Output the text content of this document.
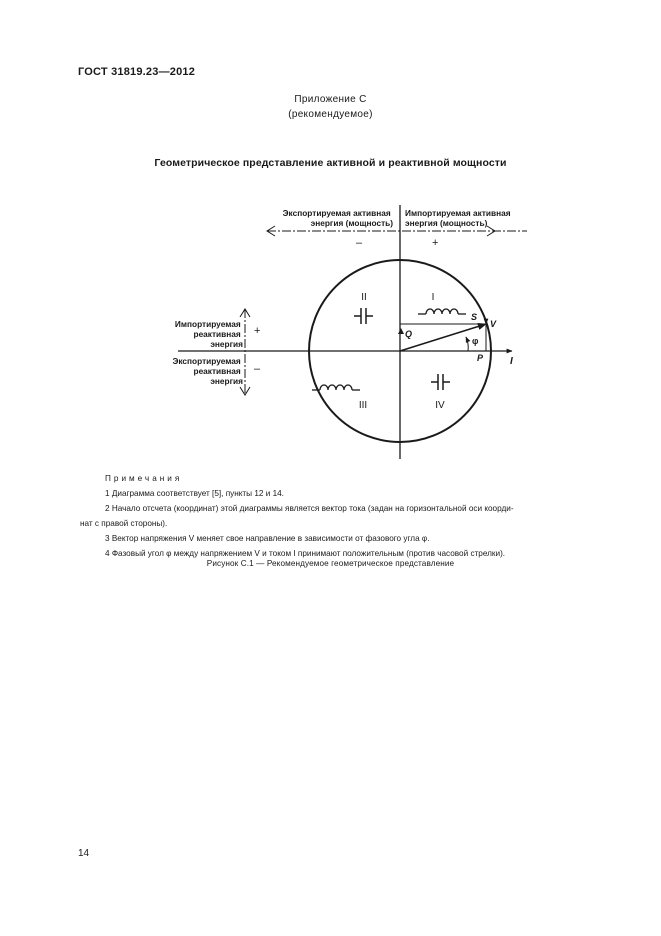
ГОСТ 31819.23—2012
Приложение С
(рекомендуемое)
Геометрическое представление активной и реактивной мощности
Экспортируемая активная энергия (мощность)
Импортируемая активная энергия (мощность)
–	+
Импортируемая реактивная энергия
Экспортируемая реактивная энергия
+
–
I
II
III	IV
S
V
Q
φ
P	I
Примечания
1 Диаграмма соответствует [5], пункты 12 и 14.
2 Начало отсчета (координат) этой диаграммы является вектор тока (задан на горизонтальной оси коорди-
нат с правой стороны).
3 Вектор напряжения V меняет свое направление в зависимости от фазового угла φ.
4 Фазовый угол φ между напряжением V и током I принимают положительным (против часовой стрелки).
Рисунок С.1 — Рекомендуемое геометрическое представление
14
